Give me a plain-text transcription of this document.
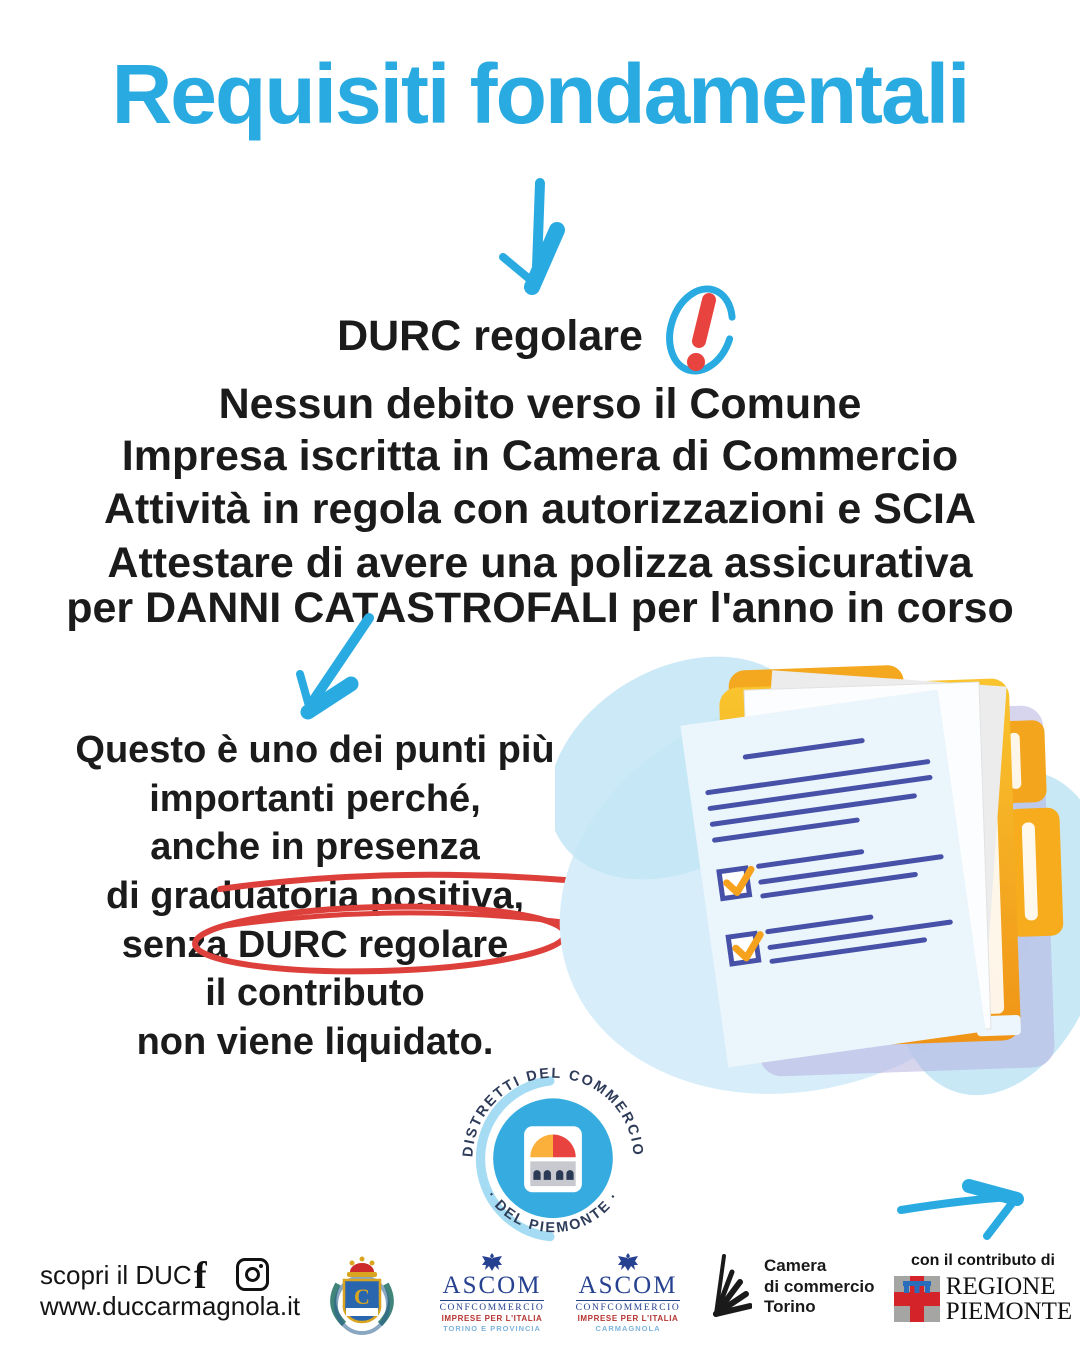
Requisiti fondamentali
DURC regolare
Nessun debito verso il Comune
Impresa iscritta in Camera di Commercio
Attività in regola con autorizzazioni e SCIA
Attestare di avere una polizza assicurativa
per DANNI CATASTROFALI per l'anno in corso
Questo è uno dei punti più
importanti perché,
anche in presenza
di graduatoria positiva,
senza DURC regolare
il contributo
non viene liquidato.
DISTRETTI DEL COMMERCIO
· DEL PIEMONTE ·
scopri il DUC
www.duccarmagnola.it
f	C	ASCOM
CONFCOMMERCIO
IMPRESE PER L'ITALIA
TORINO E PROVINCIA
ASCOM
CONFCOMMERCIO
IMPRESE PER L'ITALIA
CARMAGNOLA
Camera
di commercio
Torino
con il contributo di
REGIONE
PIEMONTE
